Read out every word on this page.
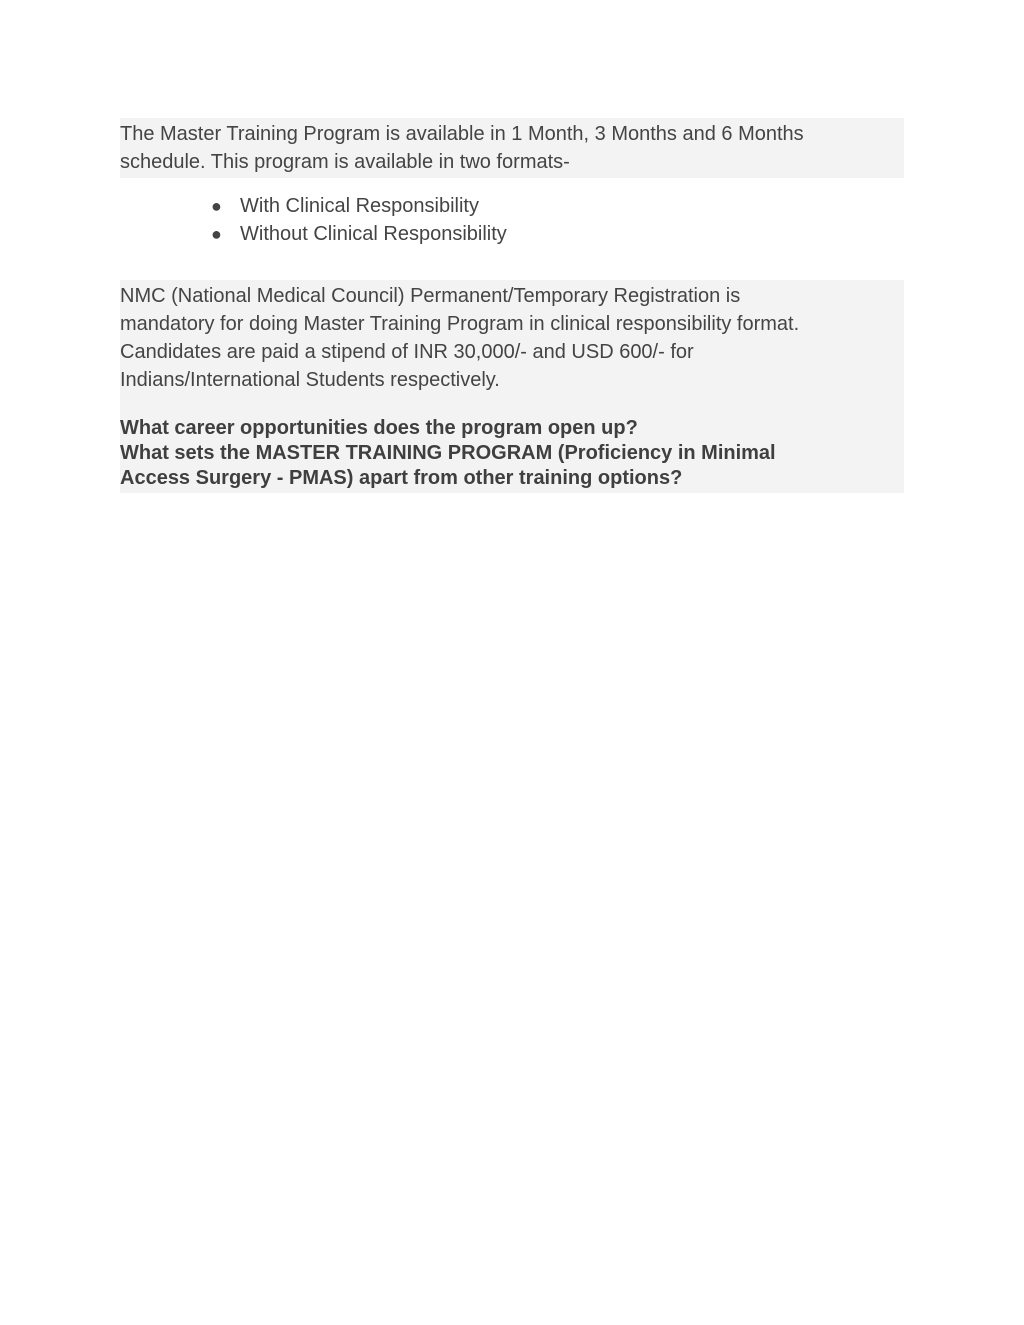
The Master Training Program is available in 1 Month, 3 Months and 6 Months

schedule. This program is available in two formats-

● With Clinical Responsibility
● Without Clinical Responsibility

NMC (National Medical Council) Permanent/Temporary Registration is

mandatory for doing Master Training Program in clinical responsibility format.

Candidates are paid a stipend of INR 30,000/- and USD 600/- for

Indians/International Students respectively.

What career opportunities does the program open up?

What sets the MASTER TRAINING PROGRAM (Proficiency in Minimal

Access Surgery - PMAS) apart from other training options?
